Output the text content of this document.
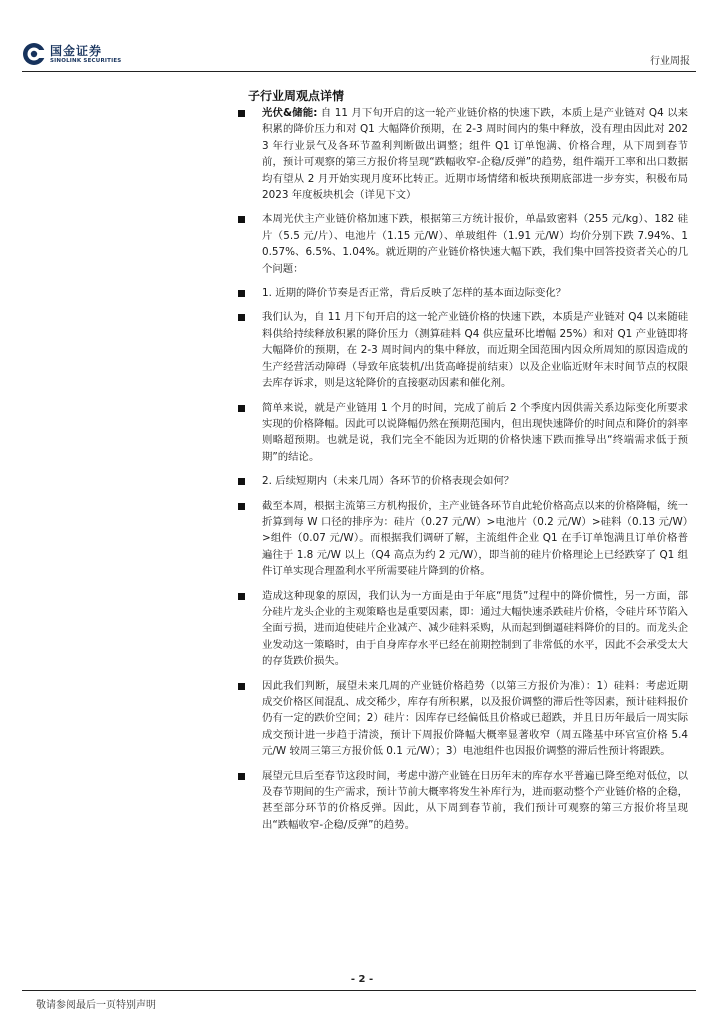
国金证券
SINOLINK SECURITIES	行业周报
子行业周观点详情
光伏&储能: 自 11 月下旬开启的这一轮产业链价格的快速下跌，本质上是产业链对 Q4 以来积累的降价压力和对 Q1 大幅降价预期，在 2-3 周时间内的集中释放，没有理由因此对 2023 年行业景气及各环节盈利判断做出调整；组件 Q1 订单饱满、价格合理，从下周到春节前，预计可观察的第三方报价将呈现“跌幅收窄-企稳/反弹”的趋势，组件端开工率和出口数据均有望从 2 月开始实现月度环比转正。近期市场情绪和板块预期底部进一步夯实，积极布局 2023 年度板块机会（详见下文）
本周光伏主产业链价格加速下跌，根据第三方统计报价，单晶致密料（255 元/kg）、182 硅片（5.5 元/片）、电池片（1.15 元/W）、单玻组件（1.91 元/W）均价分别下跌 7.94%、10.57%、6.5%、1.04%。就近期的产业链价格快速大幅下跌，我们集中回答投资者关心的几个问题：
1. 近期的降价节奏是否正常，背后反映了怎样的基本面边际变化？
我们认为，自 11 月下旬开启的这一轮产业链价格的快速下跌，本质是产业链对 Q4 以来随硅料供给持续释放积累的降价压力（测算硅料 Q4 供应量环比增幅 25%）和对 Q1 产业链即将大幅降价的预期，在 2-3 周时间内的集中释放，而近期全国范围内因众所周知的原因造成的生产经营活动障碍（导致年底装机/出货高峰提前结束）以及企业临近财年末时间节点的权限去库存诉求，则是这轮降价的直接驱动因素和催化剂。
简单来说，就是产业链用 1 个月的时间，完成了前后 2 个季度内因供需关系边际变化所要求实现的价格降幅。因此可以说降幅仍然在预期范围内，但出现快速降价的时间点和降价的斜率则略超预期。也就是说，我们完全不能因为近期的价格快速下跌而推导出“终端需求低于预期”的结论。
2. 后续短期内（未来几周）各环节的价格表现会如何？
截至本周，根据主流第三方机构报价，主产业链各环节自此轮价格高点以来的价格降幅，统一折算到每 W 口径的排序为：硅片（0.27 元/W）>电池片（0.2 元/W）>硅料（0.13 元/W）>组件（0.07 元/W）。而根据我们调研了解，主流组件企业 Q1 在手订单饱满且订单价格普遍往于 1.8 元/W 以上（Q4 高点为约 2 元/W），即当前的硅片价格理论上已经跌穿了 Q1 组件订单实现合理盈利水平所需要硅片降到的价格。
造成这种现象的原因，我们认为一方面是由于年底“甩货”过程中的降价惯性，另一方面，部分硅片龙头企业的主观策略也是重要因素，即：通过大幅快速杀跌硅片价格，令硅片环节陷入全面亏损，进而迫使硅片企业减产、减少硅料采购，从而起到倒逼硅料降价的目的。而龙头企业发动这一策略时，由于自身库存水平已经在前期控制到了非常低的水平，因此不会承受太大的存货跌价损失。
因此我们判断，展望未来几周的产业链价格趋势（以第三方报价为准）：1）硅料：考虑近期成交价格区间混乱、成交稀少，库存有所积累，以及报价调整的滞后性等因素，预计硅料报价仍有一定的跌价空间；2）硅片：因库存已经偏低且价格或已超跌，并且日历年最后一周实际成交预计进一步趋于清淡，预计下周报价降幅大概率显著收窄（周五隆基中环官宣价格 5.4 元/W 较周三第三方报价低 0.1 元/W）；3）电池组件也因报价调整的滞后性预计将跟跌。
展望元旦后至春节这段时间，考虑中游产业链在日历年末的库存水平普遍已降至绝对低位，以及春节期间的生产需求，预计节前大概率将发生补库行为，进而驱动整个产业链价格的企稳，甚至部分环节的价格反弹。因此，从下周到春节前，我们预计可观察的第三方报价将呈现出“跌幅收窄-企稳/反弹”的趋势。
- 2 -
敬请参阅最后一页特别声明
